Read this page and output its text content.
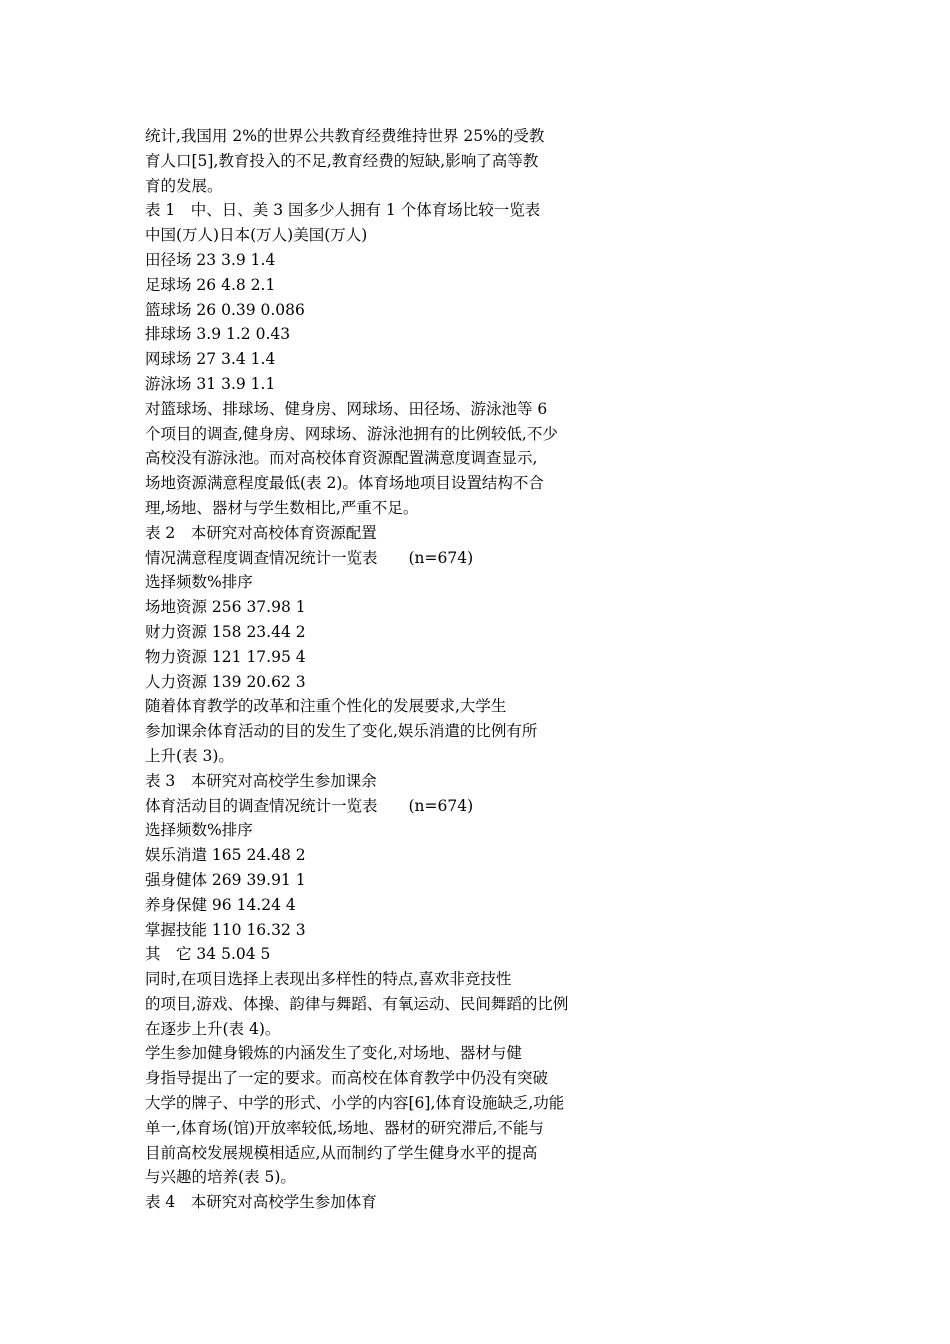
统计,我国用 2%的世界公共教育经费维持世界 25%的受教

育人口[5],教育投入的不足,教育经费的短缺,影响了高等教

育的发展。

表 1　中、日、美 3 国多少人拥有 1 个体育场比较一览表

中国(万人)日本(万人)美国(万人)

田径场 23 3.9 1.4

足球场 26 4.8 2.1

篮球场 26 0.39 0.086

排球场 3.9 1.2 0.43

网球场 27 3.4 1.4

游泳场 31 3.9 1.1

对篮球场、排球场、健身房、网球场、田径场、游泳池等 6

个项目的调查,健身房、网球场、游泳池拥有的比例较低,不少

高校没有游泳池。而对高校体育资源配置满意度调查显示,

场地资源满意程度最低(表 2)。体育场地项目设置结构不合

理,场地、器材与学生数相比,严重不足。

表 2　本研究对高校体育资源配置

情况满意程度调查情况统计一览表　　(n=674)

选择频数%排序

场地资源 256 37.98 1

财力资源 158 23.44 2

物力资源 121 17.95 4

人力资源 139 20.62 3

随着体育教学的改革和注重个性化的发展要求,大学生

参加课余体育活动的目的发生了变化,娱乐消遣的比例有所

上升(表 3)。

表 3　本研究对高校学生参加课余

体育活动目的调查情况统计一览表　　(n=674)

选择频数%排序

娱乐消遣 165 24.48 2

强身健体 269 39.91 1

养身保健 96 14.24 4

掌握技能 110 16.32 3

其　它 34 5.04 5

同时,在项目选择上表现出多样性的特点,喜欢非竞技性

的项目,游戏、体操、韵律与舞蹈、有氧运动、民间舞蹈的比例

在逐步上升(表 4)。

学生参加健身锻炼的内涵发生了变化,对场地、器材与健

身指导提出了一定的要求。而高校在体育教学中仍没有突破

大学的牌子、中学的形式、小学的内容[6],体育设施缺乏,功能

单一,体育场(馆)开放率较低,场地、器材的研究滞后,不能与

目前高校发展规模相适应,从而制约了学生健身水平的提高

与兴趣的培养(表 5)。

表 4　本研究对高校学生参加体育
